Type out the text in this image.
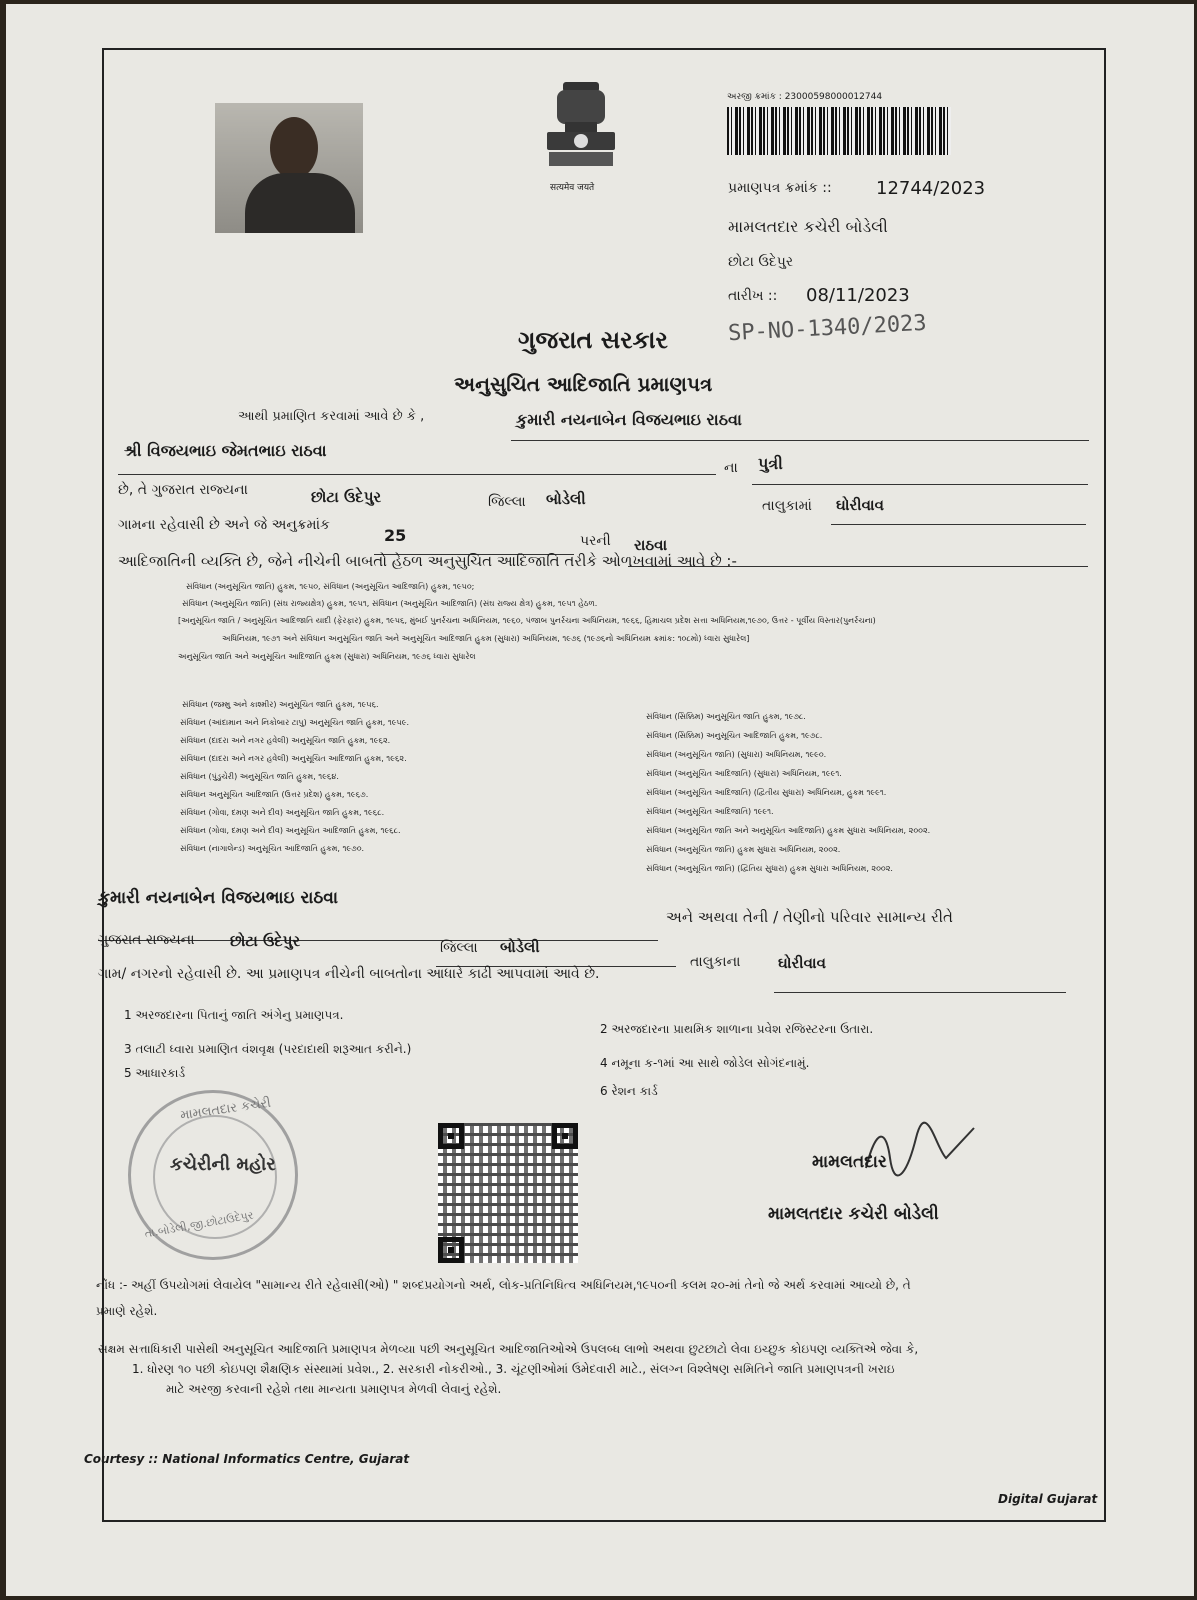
सत्यमेव जयते
અરજી ક્રમાંક : 23000598000012744
પ્રમાણપત્ર ક્રમાંક :: 12744/2023
મામલતદાર કચેરી બોડેલી
છોટા ઉદેપુર
તારીખ :: 08/11/2023
SP-NO-1340/2023
ગુજરાત સરકાર
અનુસુચિત આદિજાતિ પ્રમાણપત્ર
આથી પ્રમાણિત કરવામાં આવે છે કે ,	કુમારી નયનાબેન વિજયભાઇ રાઠવા
શ્રી વિજયભાઇ જેમતભાઇ રાઠવા
ના પુત્રી
છે, તે ગુજરાત રાજ્યના	છોટા ઉદેપુર	જિલ્લા બોડેલી	તાલુકામાં ઘોરીવાવ
ગામના રહેવાસી છે અને જે અનુક્રમાંક
25	પરની રાઠવા
આદિજાતિની વ્યક્તિ છે, જેને નીચેની બાબતો હેઠળ અનુસુચિત આદિજાતિ તરીકે ઓળખવામાં આવે છે :-
સંવિધાન (અનુસૂચિત જાતિ) હુકમ, ૧૯૫૦, સંવિધાન (અનુસૂચિત આદિજાતિ) હુકમ, ૧૯૫૦;
સંવિધાન (અનુસૂચિત જાતિ) (સંઘ રાજ્યક્ષેત્ર) હુકમ, ૧૯૫૧, સંવિધાન (અનુસૂચિત આદિજાતિ) (સંઘ રાજ્ય ક્ષેત્ર) હુકમ, ૧૯૫૧ હેઠળ.
[અનુસૂચિત જાતિ / અનુસૂચિત આદિજાતિ યાદી (ફેરફાર) હુકમ, ૧૯૫૬, મુંબઈ પુનર્રચના અધિનિયમ, ૧૯૬૦, પંજાબ પુનર્રચના અધિનિયમ, ૧૯૬૬, હિમાચલ પ્રદેશ સત્તા અધિનિયમ,૧૯૭૦, ઉત્તર - પૂર્વીય વિસ્તાર(પુનર્રચના)
અધિનિયમ, ૧૯૭૧ અને સંવિધાન અનુસૂચિત જાતિ અને અનુસૂચિત આદિજાતિ હુકમ (સુધારા) અધિનિયમ, ૧૯૭૬ (૧૯૭૬નો અધિનિયમ ક્રમાંક: ૧૦૮મો) ધ્વારા સુધારેલ]
અનુસૂચિત જાતિ અને અનુસૂચિત આદિજાતિ હુકમ (સુધારા) અધિનિયમ, ૧૯૭૬ ધ્વારા સુધારેલ
સંવિધાન (જમ્મુ અને કાશ્મીર) અનુસૂચિત જાતિ હુકમ, ૧૯૫૬.
સંવિધાન (આંદામાન અને નિકોબાર ટાપુ) અનુસૂચિત જાતિ હુકમ, ૧૯૫૯.
સંવિધાન (દાદરા અને નગર હવેલી) અનુસૂચિત જાતિ હુકમ, ૧૯૬૨.
સંવિધાન (દાદરા અને નગર હવેલી) અનુસૂચિત આદિજાતિ હુકમ, ૧૯૬૨.
સંવિધાન (પુંડુચેરી) અનુસૂચિત જાતિ હુકમ, ૧૯૬૪.
સંવિધાન અનુસૂચિત આદિજાતિ (ઉત્તર પ્રદેશ) હુકમ, ૧૯૬૭.
સંવિધાન (ગોવા, દમણ અને દીવ) અનુસૂચિત જાતિ હુકમ, ૧૯૬૮.
સંવિધાન (ગોવા, દમણ અને દીવ) અનુસૂચિત આદિજાતિ હુકમ, ૧૯૬૮.
સંવિધાન (નાગાલેન્ડ) અનુસૂચિત આદિજાતિ હુકમ, ૧૯૭૦.
સંવિધાન (સિક્કિમ) અનુસૂચિત જાતિ હુકમ, ૧૯૭૮.
સંવિધાન (સિક્કિમ) અનુસૂચિત આદિજાતિ હુકમ, ૧૯૭૮.
સંવિધાન (અનુસૂચિત જાતિ) (સુધારા) અધિનિયમ, ૧૯૯૦.
સંવિધાન (અનુસૂચિત આદિજાતિ) (સુધારા) અધિનિયમ, ૧૯૯૧.
સંવિધાન (અનુસૂચિત આદિજાતિ) (દ્વિતીય સુધારા) અધિનિયમ, હુકમ ૧૯૯૧.
સંવિધાન (અનુસૂચિત આદિજાતિ) ૧૯૯૧.
સંવિધાન (અનુસૂચિત જાતિ અને અનુસૂચિત આદિજાતિ) હુકમ સુધારા અધિનિયમ, ૨૦૦૨.
સંવિધાન (અનુસૂચિત જાતિ) હુકમ સુધારા અધિનિયમ, ૨૦૦૨.
સંવિધાન (અનુસૂચિત જાતિ) (દ્વિતિય સુધારા) હુકમ સુધારા અધિનિયમ, ૨૦૦૨.
કુમારી નયનાબેન વિજયભાઇ રાઠવા
અને અથવા તેની / તેણીનો પરિવાર સામાન્ય રીતે
ગુજરાત રાજ્યના છોટા ઉદેપુર	જિલ્લા બોડેલી
તાલુકાના	ઘોરીવાવ
ગામ/ નગરનો રહેવાસી છે. આ પ્રમાણપત્ર નીચેની બાબતોના આધારે કાઢી આપવામાં આવે છે.
1 અરજદારના પિતાનું જાતિ અંગેનુ પ્રમાણપત્ર.
2 અરજદારના પ્રાથમિક શાળાના પ્રવેશ રજિસ્ટરના ઉતારા.
3 તલાટી ધ્વારા પ્રમાણિત વંશવૃક્ષ (પરદાદાથી શરૂઆત કરીને.)
4 નમૂના ક-૧માં આ સાથે જોડેલ સોગંદનામું.
5 આધારકાર્ડ
6 રેશન કાર્ડ
મામલતદાર કચેરી
કચેરીની મહોર
તા.બોડેલી,જી.છોટાઉદેપુર
મામલતદાર
મામલતદાર કચેરી બોડેલી
નોંધ :- અહીં ઉપયોગમાં લેવાયેલ "સામાન્ય રીતે રહેવાસી(ઓ) " શબ્દપ્રયોગનો અર્થ, લોક-પ્રતિનિધિત્વ અધિનિયમ,૧૯૫૦ની કલમ ૨૦-માં તેનો જે અર્થ કરવામાં આવ્યો છે, તે
પ્રમાણે રહેશે.
સક્ષમ સત્તાધિકારી પાસેથી અનુસૂચિત આદિજાતિ પ્રમાણપત્ર મેળવ્યા પછી અનુસૂચિત આદિજાતિઓએ ઉપલબ્ધ લાભો અથવા છુટછાટો લેવા ઇચ્છુક કોઇપણ વ્યક્તિએ જેવા કે,
1. ધોરણ ૧૦ પછી કોઇપણ શૈક્ષણિક સંસ્થામાં પ્રવેશ., 2. સરકારી નોકરીઓ., 3. ચૂંટણીઓમાં ઉમેદવારી માટે., સંલગ્ન વિશ્લેષણ સમિતિને જાતિ પ્રમાણપત્રની ખરાઇ
માટે અરજી કરવાની રહેશે તથા માન્યતા પ્રમાણપત્ર મેળવી લેવાનું રહેશે.
Courtesy :: National Informatics Centre, Gujarat
Digital Gujarat
